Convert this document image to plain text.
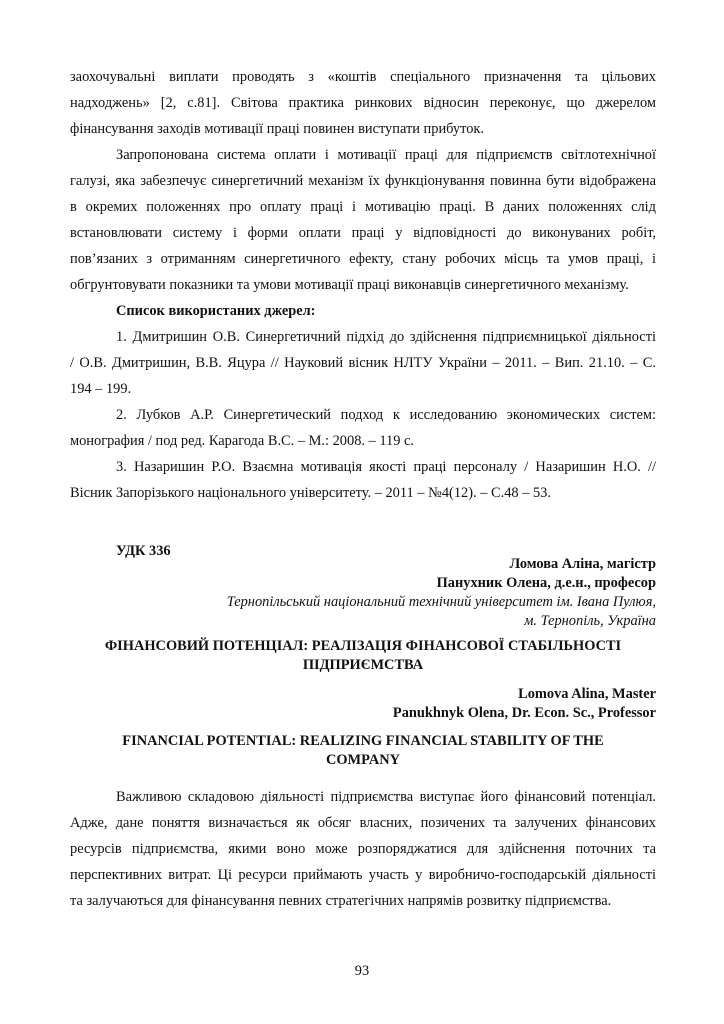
заохочувальні виплати проводять з «коштів спеціального призначення та цільових
надходжень» [2, с.81]. Світова практика ринкових відносин переконує, що джерелом
фінансування заходів мотивації праці повинен виступати прибуток.
Запропонована система оплати і мотивації праці для підприємств світлотехнічної
галузі, яка забезпечує синергетичний механізм їх функціонування повинна бути відображена
в окремих положеннях про оплату праці і мотивацію праці. В даних положеннях слід
встановлювати систему і форми оплати праці у відповідності до виконуваних робіт,
пов’язаних з отриманням синергетичного ефекту, стану робочих місць та умов праці, і
обгрунтовувати показники та умови мотивації праці виконавців синергетичного механізму.
Список використаних джерел:
1. Дмитришин О.В. Синергетичний підхід до здійснення підприємницької діяльності
/ О.В. Дмитришин, В.В. Яцура // Науковий вісник НЛТУ України – 2011. – Вип. 21.10. – С.
194 – 199.
2. Лубков А.Р. Синергетический подход к исследованию экономических систем:
монография / под ред. Карагода В.С. – М.: 2008. – 119 с.
3. Назаришин Р.О. Взаємна мотивація якості праці персоналу / Назаришин Н.О. //
Вісник Запорізького національного університету. – 2011 – №4(12). – С.48 – 53.
УДК 336
Ломова Аліна, магістр
Панухник Олена, д.е.н., професор
Тернопільський національний технічний університет ім. Івана Пулюя,
м. Тернопіль, Україна
ФІНАНСОВИЙ ПОТЕНЦІАЛ: РЕАЛІЗАЦІЯ ФІНАНСОВОЇ СТАБІЛЬНОСТІ
ПІДПРИЄМСТВА
Lomova Alina, Master
Panukhnyk Olena, Dr. Econ. Sc., Professor
FINANCIAL POTENTIAL: REALIZING FINANCIAL STABILITY OF THE
COMPANY
Важливою складовою діяльності підприємства виступає його фінансовий потенціал.
Адже, дане поняття визначається як обсяг власних, позичених та залучених фінансових
ресурсів підприємства, якими воно може розпоряджатися для здійснення поточних та
перспективних витрат. Ці ресурси приймають участь у виробничо-господарській діяльності
та залучаються для фінансування певних стратегічних напрямів розвитку підприємства.
93
